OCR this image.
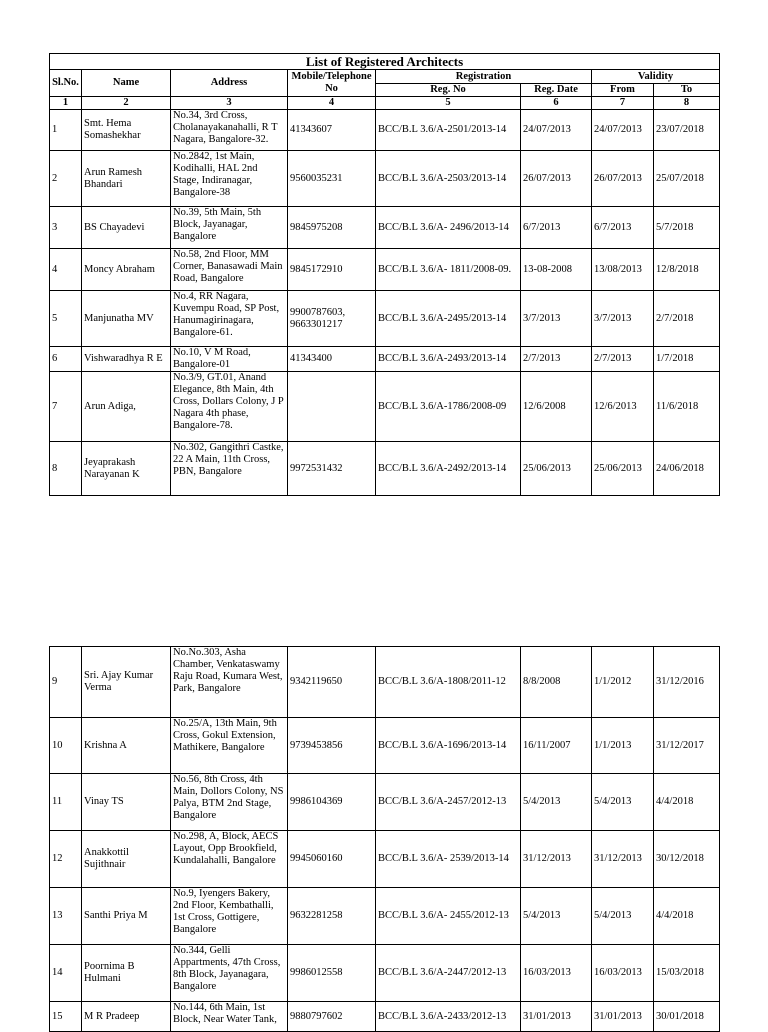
List of Registered Architects							
Sl.No.	Name	Address	Mobile/Telephone No	Registration		Validity	
				Reg. No	Reg. Date	From	To
1	2	3	4	5	6	7	8
1	Smt. Hema Somashekhar	No.34, 3rd Cross, Cholanayakanahalli, R T Nagara, Bangalore-32.	41343607	BCC/B.L 3.6/A-2501/2013-14	24/07/2013	24/07/2013	23/07/2018
2	Arun Ramesh Bhandari	No.2842, 1st Main, Kodihalli, HAL 2nd Stage, Indiranagar, Bangalore-38	9560035231	BCC/B.L 3.6/A-2503/2013-14	26/07/2013	26/07/2013	25/07/2018
3	BS Chayadevi	No.39, 5th Main, 5th Block, Jayanagar, Bangalore	9845975208	BCC/B.L 3.6/A- 2496/2013-14	6/7/2013	6/7/2013	5/7/2018
4	Moncy Abraham	No.58, 2nd Floor, MM Corner, Banasawadi Main Road, Bangalore	9845172910	BCC/B.L 3.6/A- 1811/2008-09.	13-08-2008	13/08/2013	12/8/2018
5	Manjunatha MV	No.4, RR Nagara, Kuvempu Road, SP Post, Hanumagirinagara, Bangalore-61.	9900787603, 9663301217	BCC/B.L 3.6/A-2495/2013-14	3/7/2013	3/7/2013	2/7/2018
6	Vishwaradhya R E	No.10, V M Road, Bangalore-01	41343400	BCC/B.L 3.6/A-2493/2013-14	2/7/2013	2/7/2013	1/7/2018
7	Arun Adiga,	No.3/9, GT.01, Anand Elegance, 8th Main, 4th Cross, Dollars Colony, J P Nagara 4th phase, Bangalore-78.		BCC/B.L 3.6/A-1786/2008-09	12/6/2008	12/6/2013	11/6/2018
8	Jeyaprakash Narayanan K	No.302, Gangithri Castke, 22 A Main, 11th Cross, PBN, Bangalore	9972531432	BCC/B.L 3.6/A-2492/2013-14	25/06/2013	25/06/2013	24/06/2018
9	Sri. Ajay Kumar Verma	No.No.303, Asha Chamber, Venkataswamy Raju Road, Kumara West, Park, Bangalore	9342119650	BCC/B.L 3.6/A-1808/2011-12	8/8/2008	1/1/2012	31/12/2016
10	Krishna A	No.25/A, 13th Main, 9th Cross, Gokul Extension, Mathikere, Bangalore	9739453856	BCC/B.L 3.6/A-1696/2013-14	16/11/2007	1/1/2013	31/12/2017
11	Vinay TS	No.56, 8th Cross, 4th Main, Dollors Colony, NS Palya, BTM 2nd Stage, Bangalore	9986104369	BCC/B.L 3.6/A-2457/2012-13	5/4/2013	5/4/2013	4/4/2018
12	Anakkottil Sujithnair	No.298, A, Block, AECS Layout, Opp Brookfield, Kundalahalli, Bangalore	9945060160	BCC/B.L 3.6/A- 2539/2013-14	31/12/2013	31/12/2013	30/12/2018
13	Santhi Priya M	No.9, Iyengers Bakery, 2nd Floor, Kembathalli, 1st Cross, Gottigere, Bangalore	9632281258	BCC/B.L 3.6/A- 2455/2012-13	5/4/2013	5/4/2013	4/4/2018
14	Poornima B Hulmani	No.344, Gelli Appartments, 47th Cross, 8th Block, Jayanagara, Bangalore	9986012558	BCC/B.L 3.6/A-2447/2012-13	16/03/2013	16/03/2013	15/03/2018
15	M R Pradeep	No.144, 6th Main, 1st Block, Near Water Tank,	9880797602	BCC/B.L 3.6/A-2433/2012-13	31/01/2013	31/01/2013	30/01/2018
